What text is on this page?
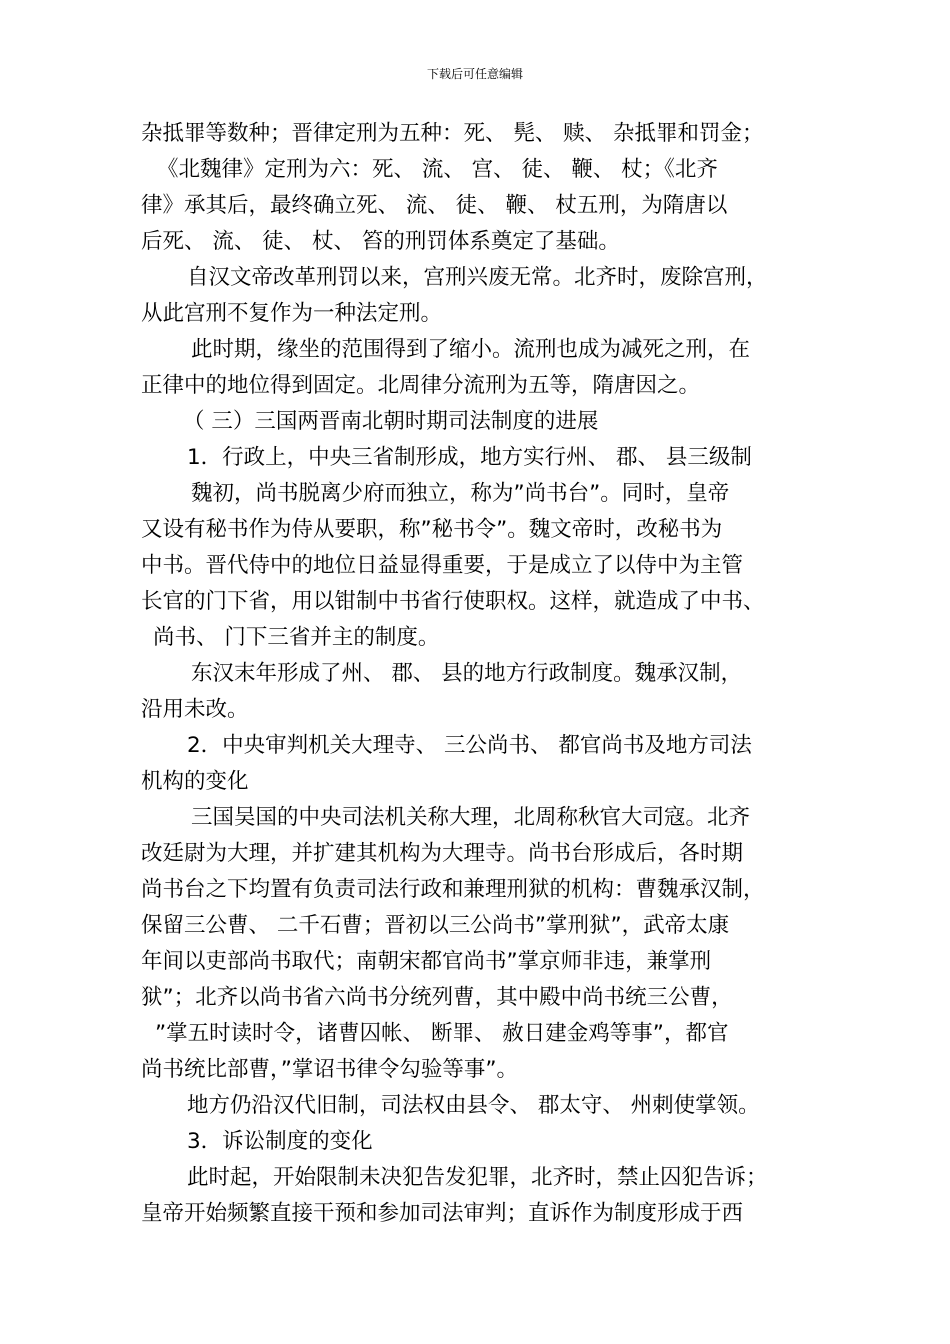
下载后可任意编辑
杂抵罪等数种；晋律定刑为五种：死、 髡、 赎、 杂抵罪和罚金；
《北魏律》定刑为六：死、 流、 宫、 徒、 鞭、 杖；《北齐
律》承其后，最终确立死、 流、 徒、 鞭、 杖五刑，为隋唐以
后死、 流、 徒、 杖、 笞的刑罚体系奠定了基础。
自汉文帝改革刑罚以来，宫刑兴废无常。北齐时，废除宫刑，
从此宫刑不复作为一种法定刑。
此时期，缘坐的范围得到了缩小。流刑也成为减死之刑，在
正律中的地位得到固定。北周律分流刑为五等，隋唐因之。
（ 三）三国两晋南北朝时期司法制度的进展
1．行政上，中央三省制形成，地方实行州、 郡、 县三级制
魏初，尚书脱离少府而独立，称为”尚书台”。同时，皇帝
又设有秘书作为侍从要职，称”秘书令”。魏文帝时，改秘书为
中书。晋代侍中的地位日益显得重要，于是成立了以侍中为主管
长官的门下省，用以钳制中书省行使职权。这样，就造成了中书、
尚书、 门下三省并主的制度。
东汉末年形成了州、 郡、 县的地方行政制度。魏承汉制，
沿用未改。
2．中央审判机关大理寺、 三公尚书、 都官尚书及地方司法
机构的变化
三国吴国的中央司法机关称大理，北周称秋官大司寇。北齐
改廷尉为大理，并扩建其机构为大理寺。尚书台形成后，各时期
尚书台之下均置有负责司法行政和兼理刑狱的机构：曹魏承汉制，
保留三公曹、 二千石曹；晋初以三公尚书”掌刑狱”，武帝太康
年间以吏部尚书取代；南朝宋都官尚书”掌京师非违，兼掌刑
狱”；北齐以尚书省六尚书分统列曹，其中殿中尚书统三公曹，
”掌五时读时令，诸曹囚帐、 断罪、 赦日建金鸡等事”，都官
尚书统比部曹，”掌诏书律令勾验等事”。
地方仍沿汉代旧制，司法权由县令、 郡太守、 州刺使掌领。
3．诉讼制度的变化
此时起，开始限制未决犯告发犯罪，北齐时，禁止囚犯告诉；
皇帝开始频繁直接干预和参加司法审判；直诉作为制度形成于西
